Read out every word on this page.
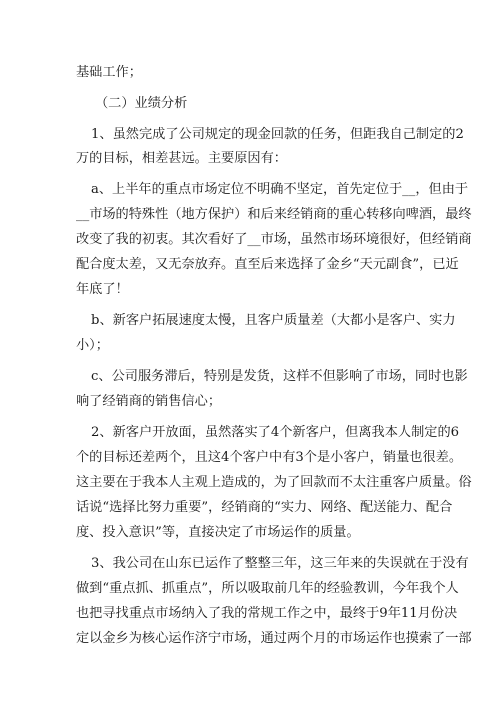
基础工作；
（二）业绩分析
1、虽然完成了公司规定的现金回款的任务，但距我自己制定的2
万的目标，相差甚远。主要原因有：
a、上半年的重点市场定位不明确不坚定，首先定位于__，但由于
__市场的特殊性（地方保护）和后来经销商的重心转移向啤酒，最终
改变了我的初衷。其次看好了__市场，虽然市场环境很好，但经销商
配合度太差，又无奈放弃。直至后来选择了金乡“天元副食”，已近
年底了！
b、新客户拓展速度太慢，且客户质量差（大都小是客户、实力
小）；
c、公司服务滞后，特别是发货，这样不但影响了市场，同时也影
响了经销商的销售信心；
2、新客户开放面，虽然落实了4个新客户，但离我本人制定的6
个的目标还差两个，且这4个客户中有3个是小客户，销量也很差。
这主要在于我本人主观上造成的，为了回款而不太注重客户质量。俗
话说“选择比努力重要”，经销商的“实力、网络、配送能力、配合
度、投入意识”等，直接决定了市场运作的质量。
3、我公司在山东已运作了整整三年，这三年来的失误就在于没有
做到“重点抓、抓重点”，所以吸取前几年的经验教训，今年我个人
也把寻找重点市场纳入了我的常规工作之中，最终于9年11月份决
定以金乡为核心运作济宁市场，通过两个月的市场运作也摸索了一部
